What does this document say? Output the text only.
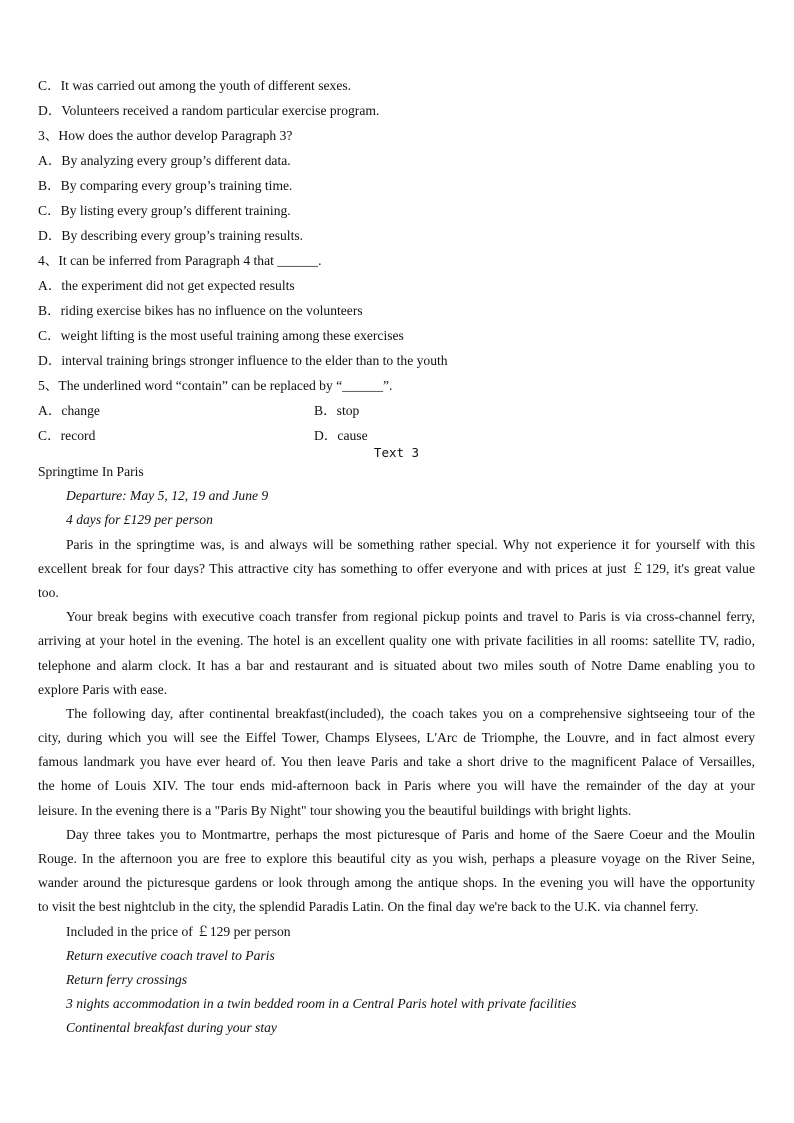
C．It was carried out among the youth of different sexes.
D．Volunteers received a random particular exercise program.
3、How does the author develop Paragraph 3?
A．By analyzing every group’s different data.
B．By comparing every group’s training time.
C．By listing every group’s different training.
D．By describing every group’s training results.
4、It can be inferred from Paragraph 4 that ______.
A．the experiment did not get expected results
B．riding exercise bikes has no influence on the volunteers
C．weight lifting is the most useful training among these exercises
D．interval training brings stronger influence to the elder than to the youth
5、The underlined word “contain” can be replaced by “______”.
A．change	B．stop
C．record	D．cause
Text 3
Springtime In Paris
Departure: May 5, 12, 19 and June 9
4 days for £129 per person
Paris in the springtime was, is and always will be something rather special. Why not experience it for yourself with this
excellent break for four days? This attractive city has something to offer everyone and with prices at just ￡129, it's great value
too.
Your break begins with executive coach transfer from regional pickup points and travel to Paris is via cross-channel ferry,
arriving at your hotel in the evening. The hotel is an excellent quality one with private facilities in all rooms: satellite TV, radio,
telephone and alarm clock. It has a bar and restaurant and is situated about two miles south of Notre Dame enabling you to
explore Paris with ease.
The following day, after continental breakfast(included), the coach takes you on a comprehensive sightseeing tour of the
city, during which you will see the Eiffel Tower, Champs Elysees, L'Arc de Triomphe, the Louvre, and in fact almost every
famous landmark you have ever heard of. You then leave Paris and take a short drive to the magnificent Palace of Versailles,
the home of Louis XIV. The tour ends mid-afternoon back in Paris where you will have the remainder of the day at your
leisure. In the evening there is a "Paris By Night" tour showing you the beautiful buildings with bright lights.
Day three takes you to Montmartre, perhaps the most picturesque of Paris and home of the Saere Coeur and the Moulin
Rouge. In the afternoon you are free to explore this beautiful city as you wish, perhaps a pleasure voyage on the River Seine,
wander around the picturesque gardens or look through among the antique shops. In the evening you will have the opportunity
to visit the best nightclub in the city, the splendid Paradis Latin. On the final day we're back to the U.K. via channel ferry.
Included in the price of ￡129 per person
Return executive coach travel to Paris
Return ferry crossings
3 nights accommodation in a twin bedded room in a Central Paris hotel with private facilities
Continental breakfast during your stay
